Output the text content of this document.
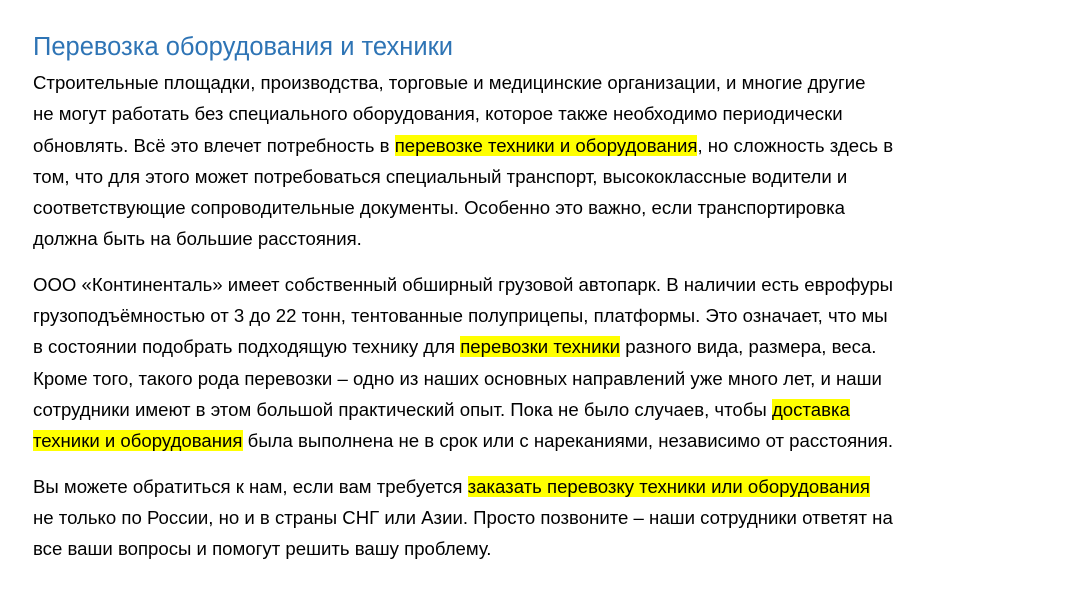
Перевозка оборудования и техники

Строительные площадки, производства, торговые и медицинские организации, и многие другие
не могут работать без специального оборудования, которое также необходимо периодически
обновлять. Всё это влечет потребность в перевозке техники и оборудования, но сложность здесь в
том, что для этого может потребоваться специальный транспорт, высококлассные водители и
соответствующие сопроводительные документы. Особенно это важно, если транспортировка
должна быть на большие расстояния.

ООО «Континенталь» имеет собственный обширный грузовой автопарк. В наличии есть еврофуры
грузоподъёмностью от 3 до 22 тонн, тентованные полуприцепы, платформы. Это означает, что мы
в состоянии подобрать подходящую технику для перевозки техники разного вида, размера, веса.
Кроме того, такого рода перевозки – одно из наших основных направлений уже много лет, и наши
сотрудники имеют в этом большой практический опыт. Пока не было случаев, чтобы доставка
техники и оборудования была выполнена не в срок или с нареканиями, независимо от расстояния.

Вы можете обратиться к нам, если вам требуется заказать перевозку техники или оборудования
не только по России, но и в страны СНГ или Азии. Просто позвоните – наши сотрудники ответят на
все ваши вопросы и помогут решить вашу проблему.
